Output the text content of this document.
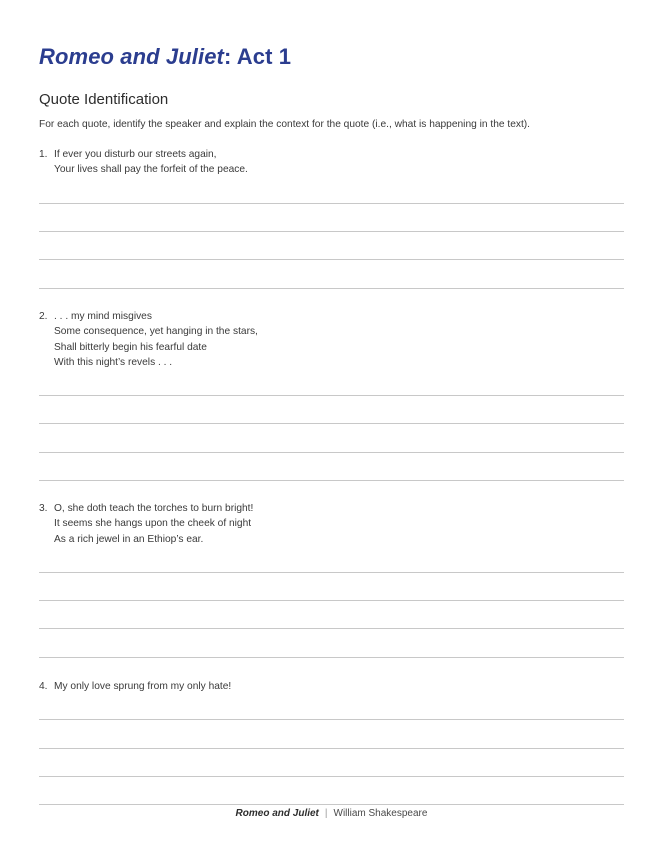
Romeo and Juliet: Act 1
Quote Identification

For each quote, identify the speaker and explain the context for the quote (i.e., what is happening in the text).

1. If ever you disturb our streets again,
Your lives shall pay the forfeit of the peace.
2. . . . my mind misgives
Some consequence, yet hanging in the stars,
Shall bitterly begin his fearful date
With this night’s revels . . .
3. O, she doth teach the torches to burn bright!
It seems she hangs upon the cheek of night
As a rich jewel in an Ethiop’s ear.
4. My only love sprung from my only hate!
Romeo and Juliet | William Shakespeare
